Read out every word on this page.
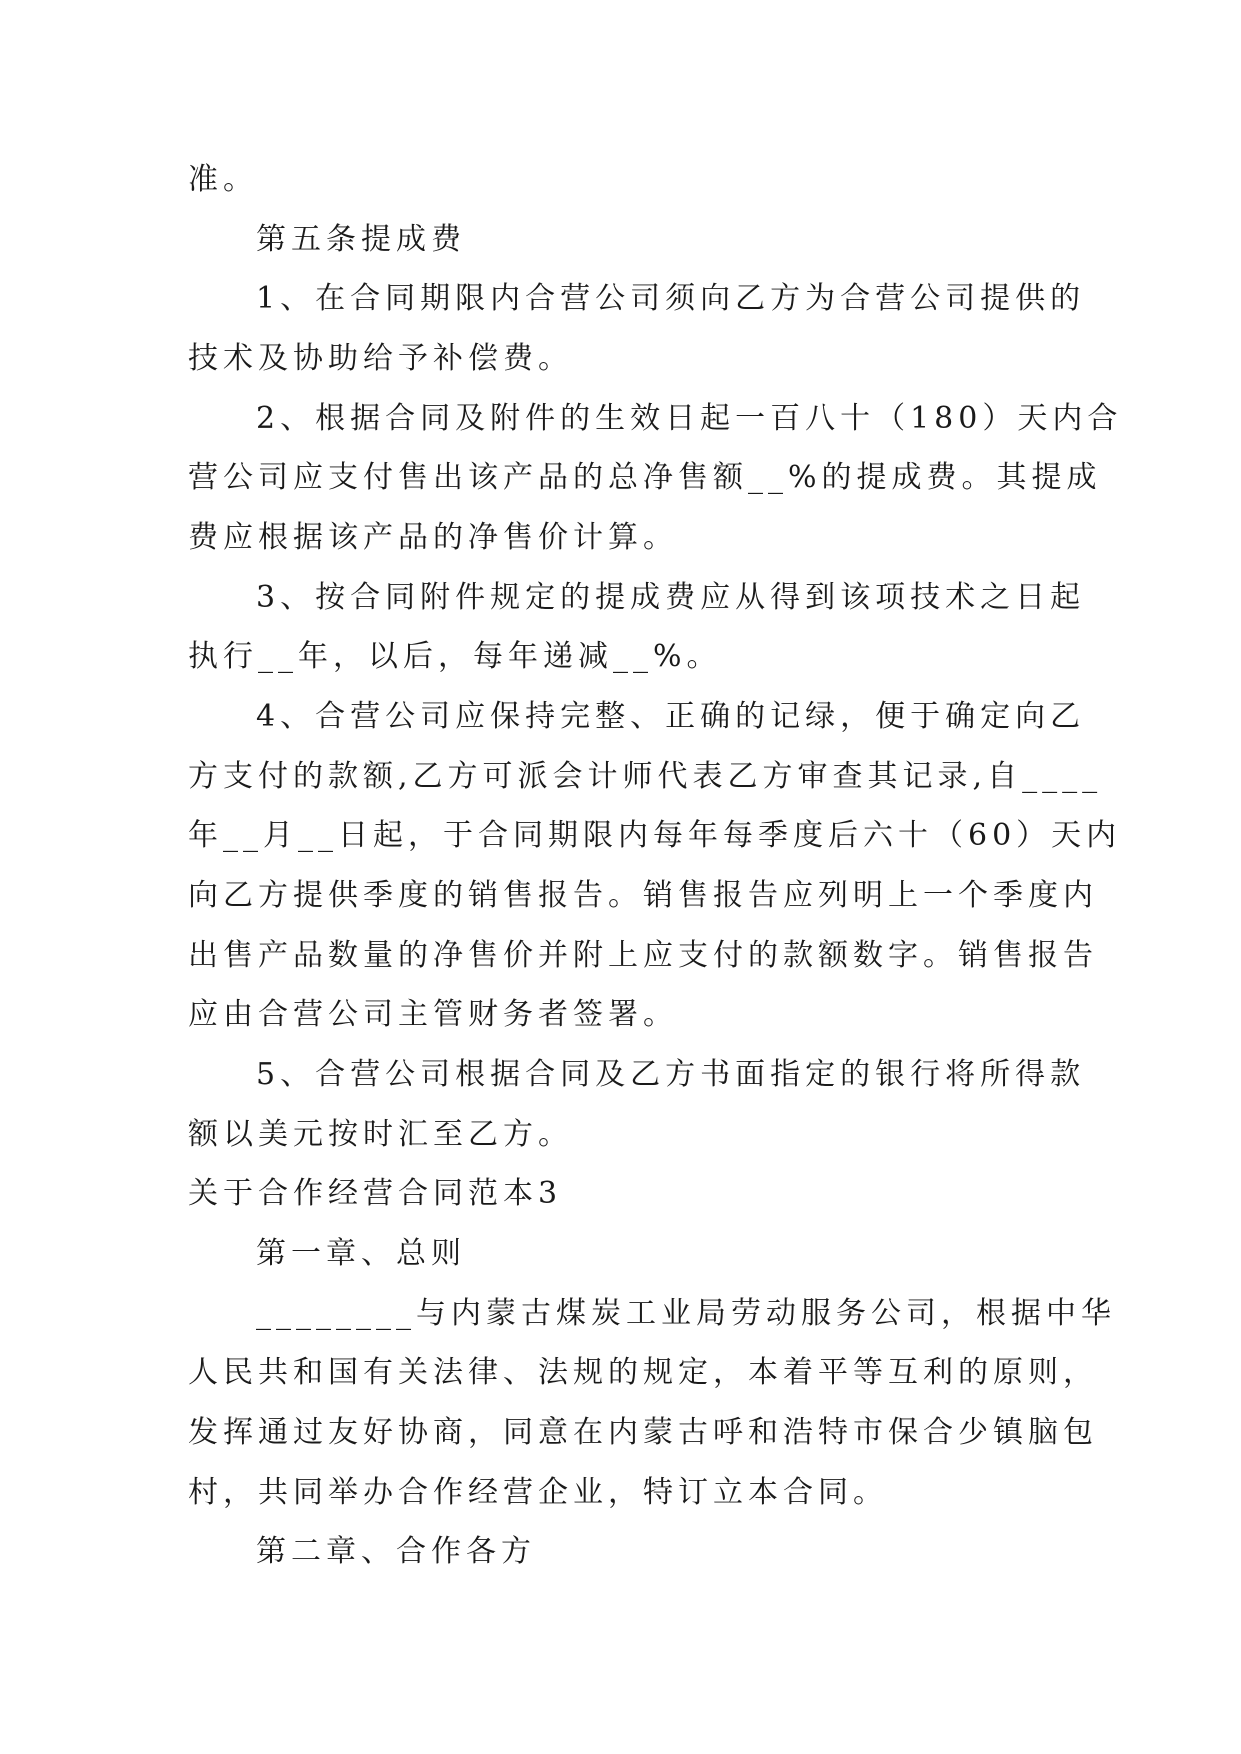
准。
第五条提成费
1、在合同期限内合营公司须向乙方为合营公司提供的
技术及协助给予补偿费。
2、根据合同及附件的生效日起一百八十（180）天内合
营公司应支付售出该产品的总净售额__%的提成费。其提成
费应根据该产品的净售价计算。
3、按合同附件规定的提成费应从得到该项技术之日起
执行__年，以后，每年递减__%。
4、合营公司应保持完整、正确的记绿，便于确定向乙
方支付的款额,乙方可派会计师代表乙方审查其记录,自____
年__月__日起，于合同期限内每年每季度后六十（60）天内
向乙方提供季度的销售报告。销售报告应列明上一个季度内
出售产品数量的净售价并附上应支付的款额数字。销售报告
应由合营公司主管财务者签署。
5、合营公司根据合同及乙方书面指定的银行将所得款
额以美元按时汇至乙方。
关于合作经营合同范本3
第一章、总则
________与内蒙古煤炭工业局劳动服务公司，根据中华
人民共和国有关法律、法规的规定，本着平等互利的原则，
发挥通过友好协商，同意在内蒙古呼和浩特市保合少镇脑包
村，共同举办合作经营企业，特订立本合同。
第二章、合作各方
